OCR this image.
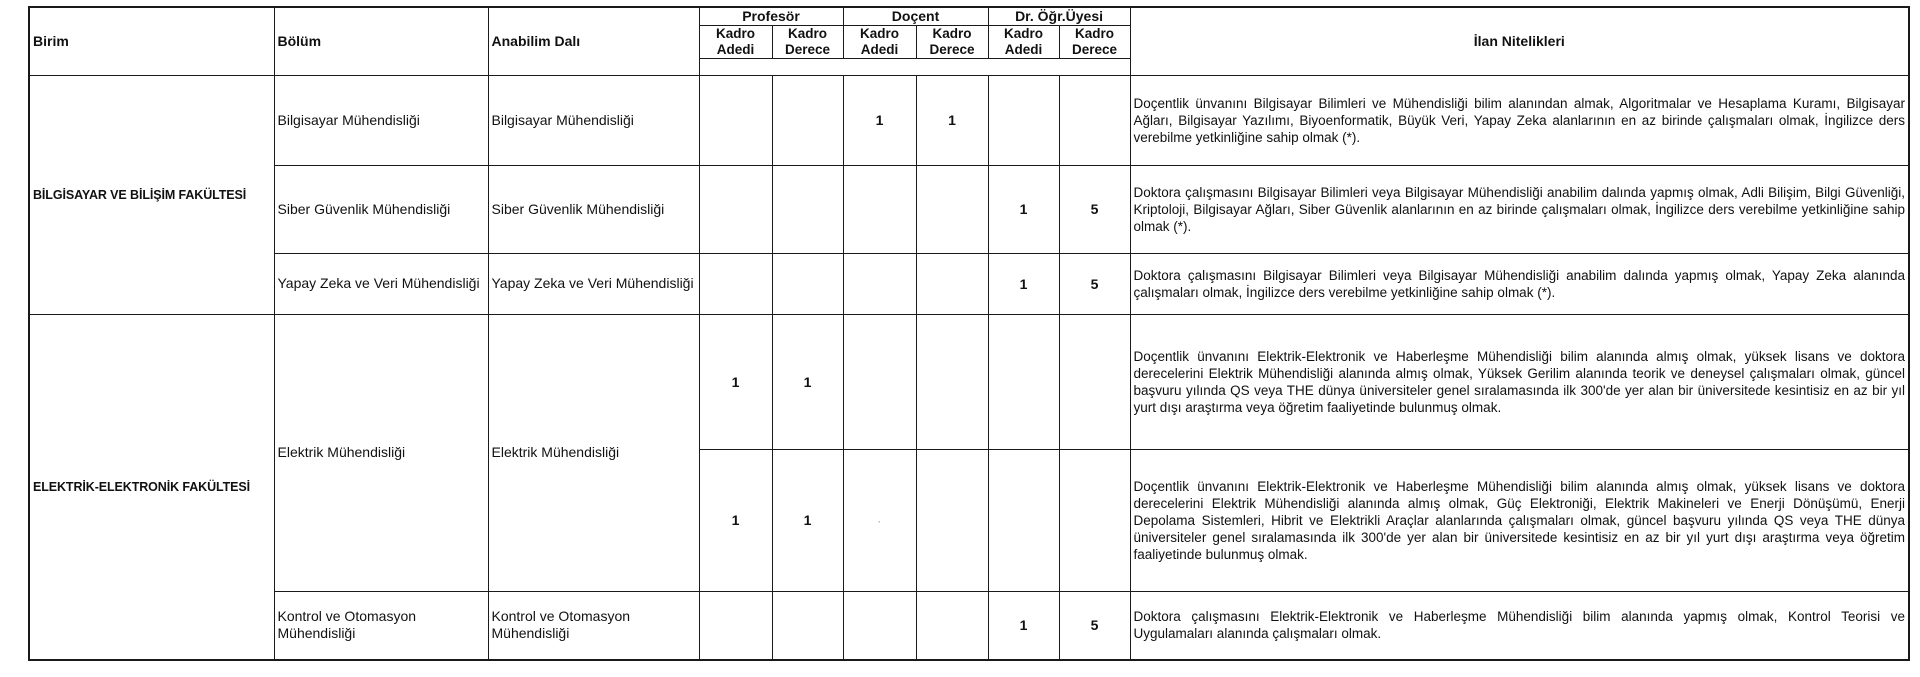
Birim	Bölüm	Anabilim Dalı	Profesör		Doçent		Dr. Öğr.Üyesi		İlan Nitelikleri
			Kadro Adedi	Kadro Derece	Kadro Adedi	Kadro Derece	Kadro Adedi	Kadro Derece	

BİLGİSAYAR VE BİLİŞİM FAKÜLTESİ	Bilgisayar Mühendisliği	Bilgisayar Mühendisliği			1	1			Doçentlik ünvanını Bilgisayar Bilimleri ve Mühendisliği bilim alanından almak, Algoritmalar ve Hesaplama Kuramı, Bilgisayar Ağları, Bilgisayar Yazılımı, Biyoenformatik, Büyük Veri, Yapay Zeka alanlarının en az birinde çalışmaları olmak, İngilizce ders verebilme yetkinliğine sahip olmak (*).
	Siber Güvenlik Mühendisliği	Siber Güvenlik Mühendisliği					1	5	Doktora çalışmasını Bilgisayar Bilimleri veya Bilgisayar Mühendisliği anabilim dalında yapmış olmak, Adli Bilişim, Bilgi Güvenliği, Kriptoloji, Bilgisayar Ağları, Siber Güvenlik alanlarının en az birinde çalışmaları olmak, İngilizce ders verebilme yetkinliğine sahip olmak (*).
	Yapay Zeka ve Veri Mühendisliği	Yapay Zeka ve Veri Mühendisliği					1	5	Doktora çalışmasını Bilgisayar Bilimleri veya Bilgisayar Mühendisliği anabilim dalında yapmış olmak, Yapay Zeka alanında çalışmaları olmak, İngilizce ders verebilme yetkinliğine sahip olmak (*).
ELEKTRİK-ELEKTRONİK FAKÜLTESİ	Elektrik Mühendisliği	Elektrik Mühendisliği	1	1					Doçentlik ünvanını Elektrik-Elektronik ve Haberleşme Mühendisliği bilim alanında almış olmak, yüksek lisans ve doktora derecelerini Elektrik Mühendisliği alanında almış olmak, Yüksek Gerilim alanında teorik ve deneysel çalışmaları olmak, güncel başvuru yılında QS veya THE dünya üniversiteler genel sıralamasında ilk 300'de yer alan bir üniversitede kesintisiz en az bir yıl yurt dışı araştırma veya öğretim faaliyetinde bulunmuş olmak.
			1	1	·				Doçentlik ünvanını Elektrik-Elektronik ve Haberleşme Mühendisliği bilim alanında almış olmak, yüksek lisans ve doktora derecelerini Elektrik Mühendisliği alanında almış olmak, Güç Elektroniği, Elektrik Makineleri ve Enerji Dönüşümü, Enerji Depolama Sistemleri, Hibrit ve Elektrikli Araçlar alanlarında çalışmaları olmak, güncel başvuru yılında QS veya THE dünya üniversiteler genel sıralamasında ilk 300'de yer alan bir üniversitede kesintisiz en az bir yıl yurt dışı araştırma veya öğretim faaliyetinde bulunmuş olmak.
	Kontrol ve Otomasyon Mühendisliği	Kontrol ve Otomasyon Mühendisliği					1	5	Doktora çalışmasını Elektrik-Elektronik ve Haberleşme Mühendisliği bilim alanında yapmış olmak, Kontrol Teorisi ve Uygulamaları alanında çalışmaları olmak.
